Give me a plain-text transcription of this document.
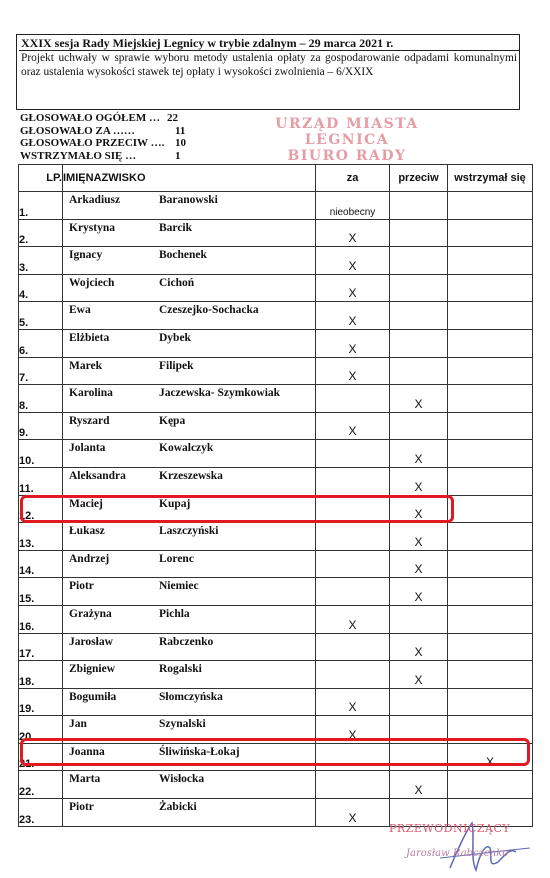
XXIX sesja Rady Miejskiej Legnicy w trybie zdalnym – 29 marca 2021 r.
Projekt uchwały w sprawie wyboru metody ustalenia opłaty za gospodarowanie odpadami komunalnymi oraz ustalenia wysokości stawek tej opłaty i wysokości zwolnienia – 6/XXIX
GŁOSOWAŁO OGÓŁEM … 22
GŁOSOWAŁO ZA ……	11
GŁOSOWAŁO PRZECIW …. 10
WSTRZYMAŁO SIĘ …	1
URZĄD MIASTA
LEGNICA
BIURO RADY
LP.	IMIĘNAZWISKO	za	przeciw	wstrzymał się
1.	Arkadiusz Baranowski	nieobecny		

2.	Krystyna Barcik	X		

3.	Ignacy Bochenek	X		

4.	Wojciech Cichoń	X		

5.	Ewa Czeszejko-Sochacka	X		

6.	Elżbieta Dybek	X		

7.	Marek Filipek	X		

8.	Karolina Jaczewska- Szymkowiak		X	

9.	Ryszard Kępa	X		

10.	Jolanta Kowalczyk		X	

11.	Aleksandra Krzeszewska		X	

12.	Maciej Kupaj		X	

13.	Łukasz Laszczyński		X	

14.	Andrzej Lorenc		X	

15.	Piotr Niemiec		X	

16.	Grażyna Pichla	X		

17.	Jarosław Rabczenko		X	

18.	Zbigniew Rogalski		X	

19.	Bogumiła Słomczyńska	X		

20.	Jan Szynalski	X		

21.	Joanna Śliwińska-Łokaj			X

22.	Marta Wisłocka		X	

23.	Piotr Żabicki	X		

PRZEWODNICZĄCY
Jarosław Rabczenko
